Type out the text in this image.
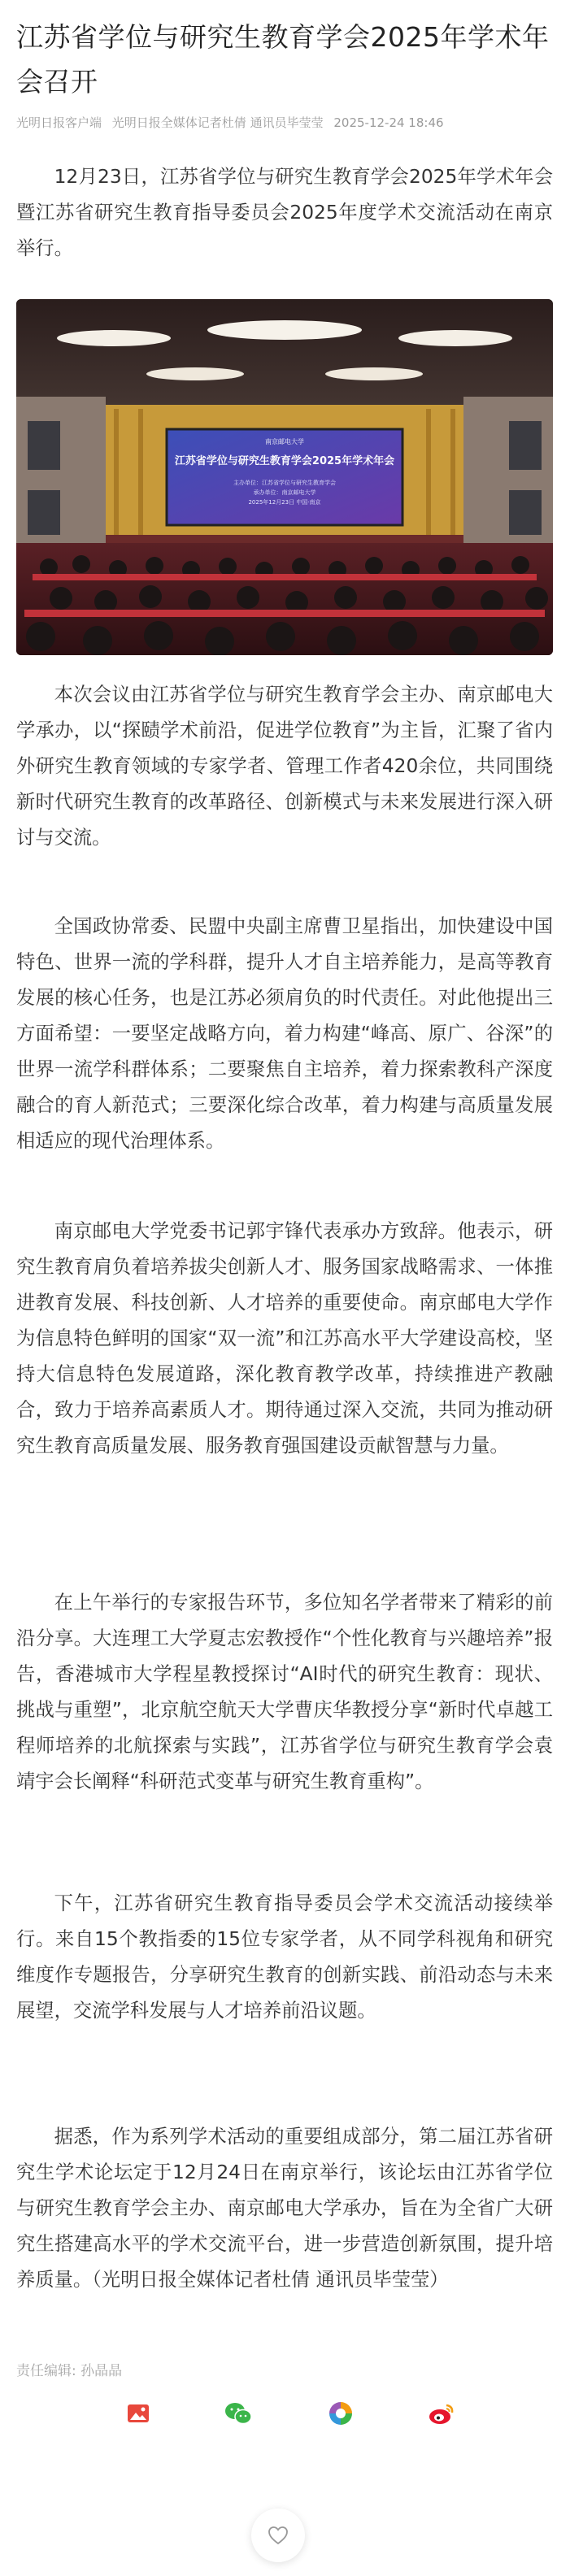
江苏省学位与研究生教育学会2025年学术年会召开
光明日报客户端 光明日报全媒体记者杜倩 通讯员毕莹莹 2025-12-24 18:46

12月23日，江苏省学位与研究生教育学会2025年学术年会暨江苏省研究生教育指导委员会2025年度学术交流活动在南京举行。

南京邮电大学
江苏省学位与研究生教育学会2025年学术年会
主办单位：江苏省学位与研究生教育学会
承办单位：南京邮电大学
2025年12月23日 中国·南京

本次会议由江苏省学位与研究生教育学会主办、南京邮电大学承办，以“探赜学术前沿，促进学位教育”为主旨，汇聚了省内外研究生教育领域的专家学者、管理工作者420余位，共同围绕新时代研究生教育的改革路径、创新模式与未来发展进行深入研讨与交流。

全国政协常委、民盟中央副主席曹卫星指出，加快建设中国特色、世界一流的学科群，提升人才自主培养能力，是高等教育发展的核心任务，也是江苏必须肩负的时代责任。对此他提出三方面希望：一要坚定战略方向，着力构建“峰高、原广、谷深”的世界一流学科群体系；二要聚焦自主培养，着力探索教科产深度融合的育人新范式；三要深化综合改革，着力构建与高质量发展相适应的现代治理体系。

南京邮电大学党委书记郭宇锋代表承办方致辞。他表示，研究生教育肩负着培养拔尖创新人才、服务国家战略需求、一体推进教育发展、科技创新、人才培养的重要使命。南京邮电大学作为信息特色鲜明的国家“双一流”和江苏高水平大学建设高校，坚持大信息特色发展道路，深化教育教学改革，持续推进产教融合，致力于培养高素质人才。期待通过深入交流，共同为推动研究生教育高质量发展、服务教育强国建设贡献智慧与力量。

在上午举行的专家报告环节，多位知名学者带来了精彩的前沿分享。大连理工大学夏志宏教授作“个性化教育与兴趣培养”报告，香港城市大学程星教授探讨“AI时代的研究生教育：现状、挑战与重塑”，北京航空航天大学曹庆华教授分享“新时代卓越工程师培养的北航探索与实践”，江苏省学位与研究生教育学会袁靖宇会长阐释“科研范式变革与研究生教育重构”。

下午，江苏省研究生教育指导委员会学术交流活动接续举行。来自15个教指委的15位专家学者，从不同学科视角和研究维度作专题报告，分享研究生教育的创新实践、前沿动态与未来展望，交流学科发展与人才培养前沿议题。

据悉，作为系列学术活动的重要组成部分，第二届江苏省研究生学术论坛定于12月24日在南京举行，该论坛由江苏省学位与研究生教育学会主办、南京邮电大学承办，旨在为全省广大研究生搭建高水平的学术交流平台，进一步营造创新氛围，提升培养质量。（光明日报全媒体记者杜倩 通讯员毕莹莹）

责任编辑: 孙晶晶
